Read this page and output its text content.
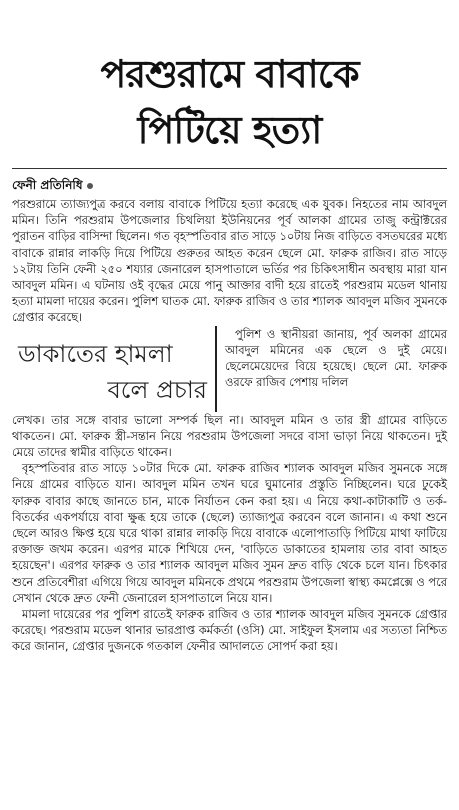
পরশুরামে বাবাকে
পিটিয়ে হত্যা
ফেনী প্রতিনিধি

পরশুরামে ত্যাজ্যপুত্র করবে বলায় বাবাকে পিটিয়ে হত্যা করেছে এক যুবক। নিহতের নাম আবদুল মমিন। তিনি পরশুরাম উপজেলার চিথলিয়া ইউনিয়নের পূর্ব আলকা গ্রামের তাজু কন্ট্রাক্টরের পুরাতন বাড়ির বাসিন্দা ছিলেন। গত বৃহস্পতিবার রাত সাড়ে ১০টায় নিজ বাড়িতে বসতঘরের মধ্যে বাবাকে রান্নার লাকড়ি দিয়ে পিটিয়ে গুরুতর আহত করেন ছেলে মো. ফারুক রাজিব। রাত সাড়ে ১২টায় তিনি ফেনী ২৫০ শয্যার জেনারেল হাসপাতালে ভর্তির পর চিকিৎসাধীন অবস্থায় মারা যান আবদুল মমিন। এ ঘটনায় ওই বৃদ্ধের মেয়ে পানু আক্তার বাদী হয়ে রাতেই পরশুরাম মডেল থানায় হত্যা মামলা দায়ের করেন। পুলিশ ঘাতক মো. ফারুক রাজিব ও তার শ্যালক আবদুল মজিব সুমনকে গ্রেপ্তার করেছে।

ডাকাতের হামলা
বলে প্রচার

পুলিশ ও স্থানীয়রা জানায়, পূর্ব অলকা গ্রামের আবদুল মমিনের এক ছেলে ও দুই মেয়ে। ছেলেমেয়েদের বিয়ে হয়েছে। ছেলে মো. ফারুক ওরফে রাজিব পেশায় দলিল

লেখক। তার সঙ্গে বাবার ভালো সম্পর্ক ছিল না। আবদুল মমিন ও তার স্ত্রী গ্রামের বাড়িতে থাকতেন। মো. ফারুক স্ত্রী-সন্তান নিয়ে পরশুরাম উপজেলা সদরে বাসা ভাড়া নিয়ে থাকতেন। দুই মেয়ে তাদের স্বামীর বাড়িতে থাকেন।

বৃহস্পতিবার রাত সাড়ে ১০টার দিকে মো. ফারুক রাজিব শ্যালক আবদুল মজিব সুমনকে সঙ্গে নিয়ে গ্রামের বাড়িতে যান। আবদুল মমিন তখন ঘরে ঘুমানোর প্রস্তুতি নিচ্ছিলেন। ঘরে ঢুকেই ফারুক বাবার কাছে জানতে চান, মাকে নির্যাতন কেন করা হয়। এ নিয়ে কথা-কাটাকাটি ও তর্ক-বিতর্কের একপর্যায়ে বাবা ক্ষুব্ধ হয়ে তাকে (ছেলে) ত্যাজ্যপুত্র করবেন বলে জানান। এ কথা শুনে ছেলে আরও ক্ষিপ্ত হয়ে ঘরে থাকা রান্নার লাকড়ি দিয়ে বাবাকে এলোপাতাড়ি পিটিয়ে মাথা ফাটিয়ে রক্তাক্ত জখম করেন। এরপর মাকে শিখিয়ে দেন, 'বাড়িতে ডাকাতের হামলায় তার বাবা আহত হয়েছেন'। এরপর ফারুক ও তার শ্যালক আবদুল মজিব সুমন দ্রুত বাড়ি থেকে চলে যান। চিৎকার শুনে প্রতিবেশীরা এগিয়ে গিয়ে আবদুল মমিনকে প্রথমে পরশুরাম উপজেলা স্বাস্থ্য কমপ্লেক্সে ও পরে সেখান থেকে দ্রুত ফেনী জেনারেল হাসপাতালে নিয়ে যান।

মামলা দায়েরের পর পুলিশ রাতেই ফারুক রাজিব ও তার শ্যালক আবদুল মজিব সুমনকে গ্রেপ্তার করেছে। পরশুরাম মডেল থানার ভারপ্রাপ্ত কর্মকর্তা (ওসি) মো. সাইফুল ইসলাম এর সত্যতা নিশ্চিত করে জানান, গ্রেপ্তার দুজনকে গতকাল ফেনীর আদালতে সোপর্দ করা হয়।
